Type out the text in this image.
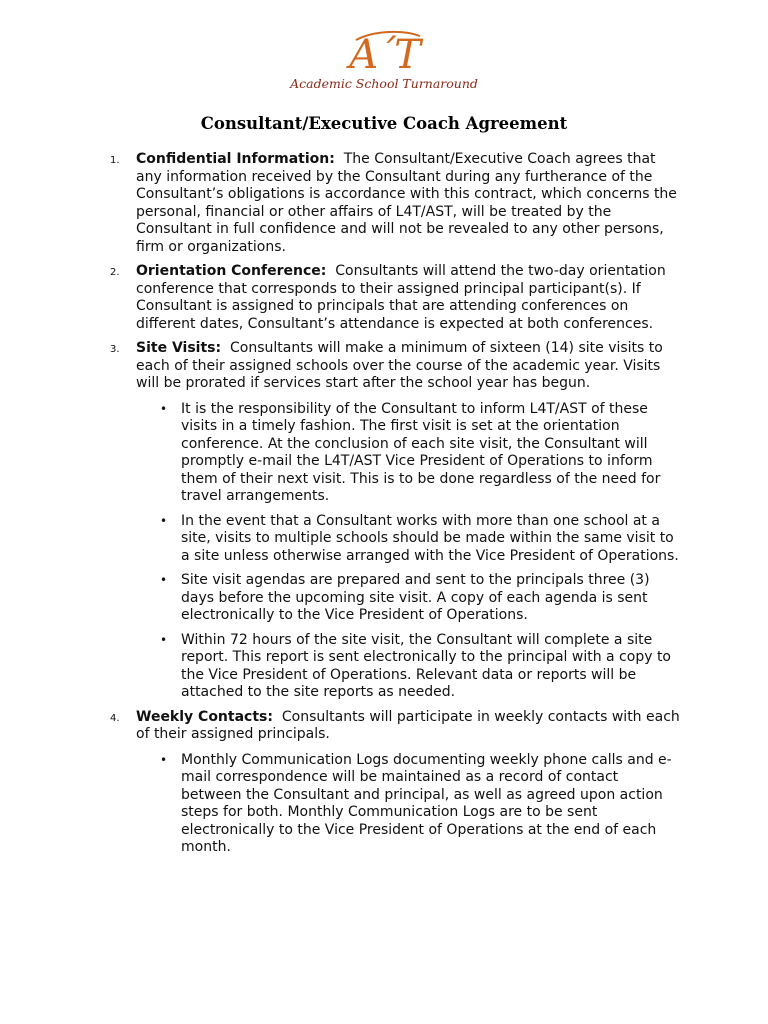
A´T
Academic School Turnaround
Consultant/Executive Coach Agreement
1. Confidential Information: The Consultant/Executive Coach agrees that any information received by the Consultant during any furtherance of the Consultant’s obligations is accordance with this contract, which concerns the personal, financial or other affairs of L4T/AST, will be treated by the Consultant in full confidence and will not be revealed to any other persons, firm or organizations.
2. Orientation Conference: Consultants will attend the two-day orientation conference that corresponds to their assigned principal participant(s). If Consultant is assigned to principals that are attending conferences on different dates, Consultant’s attendance is expected at both conferences.
3. Site Visits: Consultants will make a minimum of sixteen (14) site visits to each of their assigned schools over the course of the academic year. Visits will be prorated if services start after the school year has begun.
• It is the responsibility of the Consultant to inform L4T/AST of these visits in a timely fashion. The first visit is set at the orientation conference. At the conclusion of each site visit, the Consultant will promptly e-mail the L4T/AST Vice President of Operations to inform them of their next visit. This is to be done regardless of the need for travel arrangements.
• In the event that a Consultant works with more than one school at a site, visits to multiple schools should be made within the same visit to a site unless otherwise arranged with the Vice President of Operations.
• Site visit agendas are prepared and sent to the principals three (3) days before the upcoming site visit. A copy of each agenda is sent electronically to the Vice President of Operations.
• Within 72 hours of the site visit, the Consultant will complete a site report. This report is sent electronically to the principal with a copy to the Vice President of Operations. Relevant data or reports will be attached to the site reports as needed.
4. Weekly Contacts: Consultants will participate in weekly contacts with each of their assigned principals.
• Monthly Communication Logs documenting weekly phone calls and e-mail correspondence will be maintained as a record of contact between the Consultant and principal, as well as agreed upon action steps for both. Monthly Communication Logs are to be sent electronically to the Vice President of Operations at the end of each month.
